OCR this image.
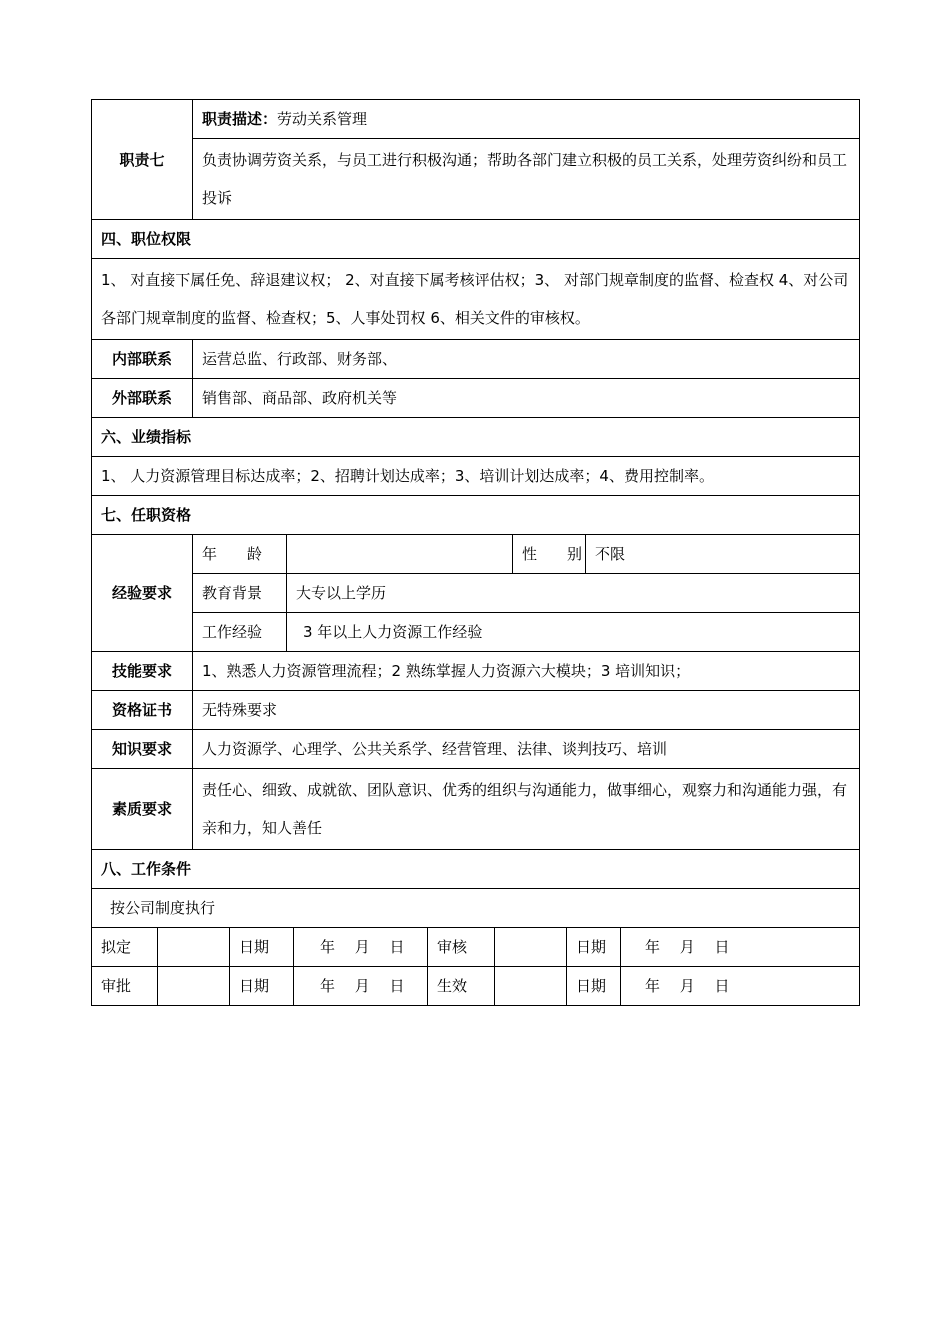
职责七	职责描述：劳动关系管理			
	负责协调劳资关系，与员工进行积极沟通；帮助各部门建立积极的员工关系，处理劳资纠纷和员工投诉			
四、职位权限				
1、 对直接下属任免、辞退建议权； 2、对直接下属考核评估权；3、 对部门规章制度的监督、检查权 4、对公司各部门规章制度的监督、检查权；5、人事处罚权 6、相关文件的审核权。				
内部联系	运营总监、行政部、财务部、			
外部联系	销售部、商品部、政府机关等			
六、业绩指标				
1、 人力资源管理目标达成率；2、招聘计划达成率；3、培训计划达成率；4、费用控制率。				
七、任职资格				
经验要求	年　　龄		性　　别	不限
	教育背景	大专以上学历		
	工作经验	3 年以上人力资源工作经验		
技能要求	1、熟悉人力资源管理流程；2 熟练掌握人力资源六大模块；3 培训知识；			
资格证书	无特殊要求			
知识要求	人力资源学、心理学、公共关系学、经营管理、法律、谈判技巧、培训			
素质要求	责任心、细致、成就欲、团队意识、优秀的组织与沟通能力，做事细心，观察力和沟通能力强，有亲和力，知人善任			
八、工作条件				
按公司制度执行				
拟定		日期	年　 月　 日	审核		日期	年　 月　 日
审批		日期	年　 月　 日	生效		日期	年　 月　 日
